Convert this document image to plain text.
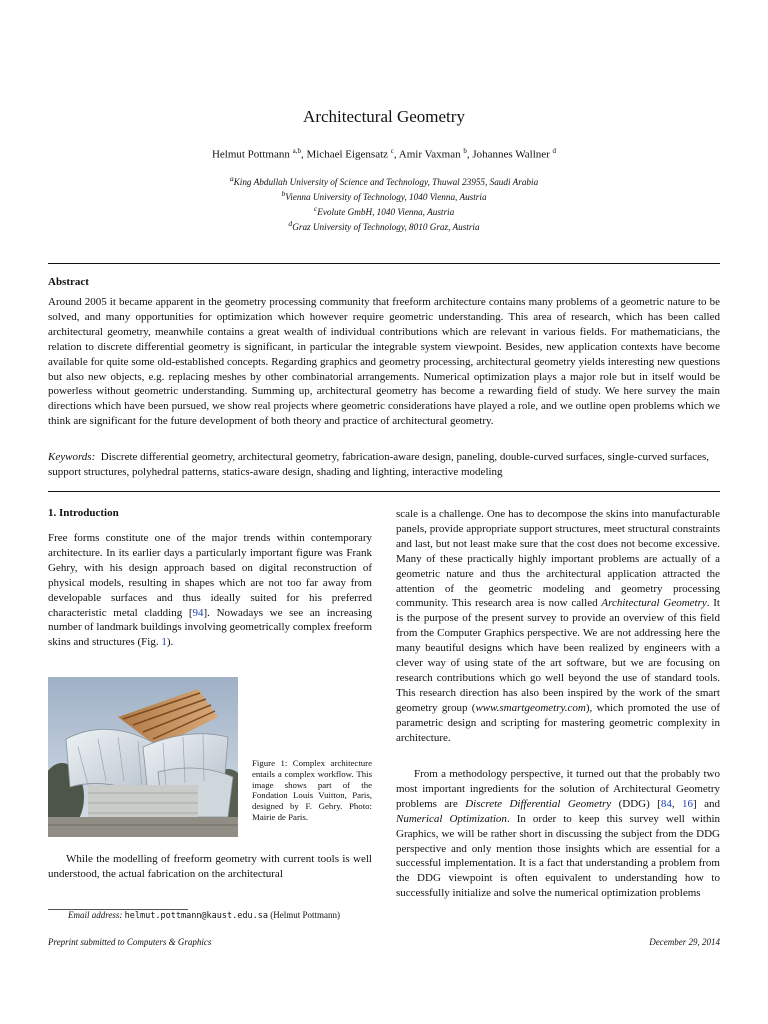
Architectural Geometry
Helmut Pottmann $^{a,b}$, Michael Eigensatz $^c$, Amir Vaxman $^b$, Johannes Wallner $^d$
$^a$King Abdullah University of Science and Technology, Thuwal 23955, Saudi Arabia
$^b$Vienna University of Technology, 1040 Vienna, Austria
$^c$Evolute GmbH, 1040 Vienna, Austria
$^d$Graz University of Technology, 8010 Graz, Austria
Abstract

Around 2005 it became apparent in the geometry processing community that freeform architecture contains many problems of a geometric nature to be solved, and many opportunities for optimization which however require geometric understanding. This area of research, which has been called architectural geometry, meanwhile contains a great wealth of individual contributions which are relevant in various fields. For mathematicians, the relation to discrete differential geometry is significant, in particular the integrable system viewpoint. Besides, new application contexts have become available for quite some old-established concepts. Regarding graphics and geometry processing, architectural geometry yields interesting new questions but also new objects, e.g. replacing meshes by other combinatorial arrangements. Numerical optimization plays a major role but in itself would be powerless without geometric understanding. Summing up, architectural geometry has become a rewarding field of study. We here survey the main directions which have been pursued, we show real projects where geometric considerations have played a role, and we outline open problems which we think are significant for the future development of both theory and practice of architectural geometry.

Keywords: Discrete differential geometry, architectural geometry, fabrication-aware design, paneling, double-curved surfaces, single-curved surfaces, support structures, polyhedral patterns, statics-aware design, shading and lighting, interactive modeling

1. Introduction

Free forms constitute one of the major trends within contemporary architecture. In its earlier days a particularly important figure was Frank Gehry, with his design approach based on digital reconstruction of physical models, resulting in shapes which are not too far away from developable surfaces and thus ideally suited for his preferred characteristic metal cladding [94]. Nowadays we see an increasing number of landmark buildings involving geometrically complex freeform skins and structures (Fig. 1).

Figure 1: Complex architecture entails a complex workflow. This image shows part of the Fondation Louis Vuitton, Paris, designed by F. Gehry. Photo: Mairie de Paris.

While the modelling of freeform geometry with current tools is well understood, the actual fabrication on the architectural

scale is a challenge. One has to decompose the skins into manufacturable panels, provide appropriate support structures, meet structural constraints and last, but not least make sure that the cost does not become excessive. Many of these practically highly important problems are actually of a geometric nature and thus the architectural application attracted the attention of the geometric modeling and geometry processing community. This research area is now called Architectural Geometry. It is the purpose of the present survey to provide an overview of this field from the Computer Graphics perspective. We are not addressing here the many beautiful designs which have been realized by engineers with a clever way of using state of the art software, but we are focusing on research contributions which go well beyond the use of standard tools. This research direction has also been inspired by the work of the smart geometry group (www.smartgeometry.com), which promoted the use of parametric design and scripting for mastering geometric complexity in architecture.

From a methodology perspective, it turned out that the probably two most important ingredients for the solution of Architectural Geometry problems are Discrete Differential Geometry (DDG) [84, 16] and Numerical Optimization. In order to keep this survey well within Graphics, we will be rather short in discussing the subject from the DDG perspective and only mention those insights which are essential for a successful implementation. It is a fact that understanding a problem from the DDG viewpoint is often equivalent to understanding how to successfully initialize and solve the numerical optimization problems

Email address: helmut.pottmann@kaust.edu.sa (Helmut Pottmann)
Preprint submitted to Computers & Graphics	December 29, 2014
